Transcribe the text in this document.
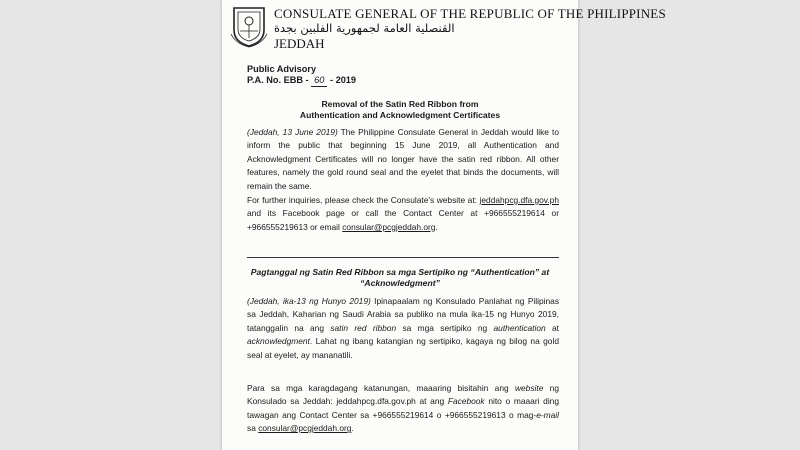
CONSULATE GENERAL OF THE REPUBLIC OF THE PHILIPPINES
القنصلية العامة لجمهورية الفلبين بجدة
JEDDAH
Public Advisory
P.A. No. EBB - 60 - 2019
Removal of the Satin Red Ribbon from
Authentication and Acknowledgment Certificates
(Jeddah, 13 June 2019) The Philippine Consulate General in Jeddah would like to inform the public that beginning 15 June 2019, all Authentication and Acknowledgment Certificates will no longer have the satin red ribbon. All other features, namely the gold round seal and the eyelet that binds the documents, will remain the same.
For further inquiries, please check the Consulate's website at: jeddahpcg.dfa.gov.ph and its Facebook page or call the Contact Center at +966555219614 or +966555219613 or email consular@pcgjeddah.org.
Pagtanggal ng Satin Red Ribbon sa mga Sertipiko ng “Authentication” at
“Acknowledgment”
(Jeddah, ika-13 ng Hunyo 2019) Ipinapaalam ng Konsulado Panlahat ng Pilipinas sa Jeddah, Kaharian ng Saudi Arabia sa publiko na mula ika-15 ng Hunyo 2019, tatanggalin na ang satin red ribbon sa mga sertipiko ng authentication at acknowledgment. Lahat ng ibang katangian ng sertipiko, kagaya ng bilog na gold seal at eyelet, ay mananatili.
Para sa mga karagdagang katanungan, maaaring bisitahin ang website ng Konsulado sa Jeddah: jeddahpcg.dfa.gov.ph at ang Facebook nito o maaari ding tawagan ang Contact Center sa +966555219614 o +966555219613 o mag-e-mail sa consular@pcgjeddah.org.
